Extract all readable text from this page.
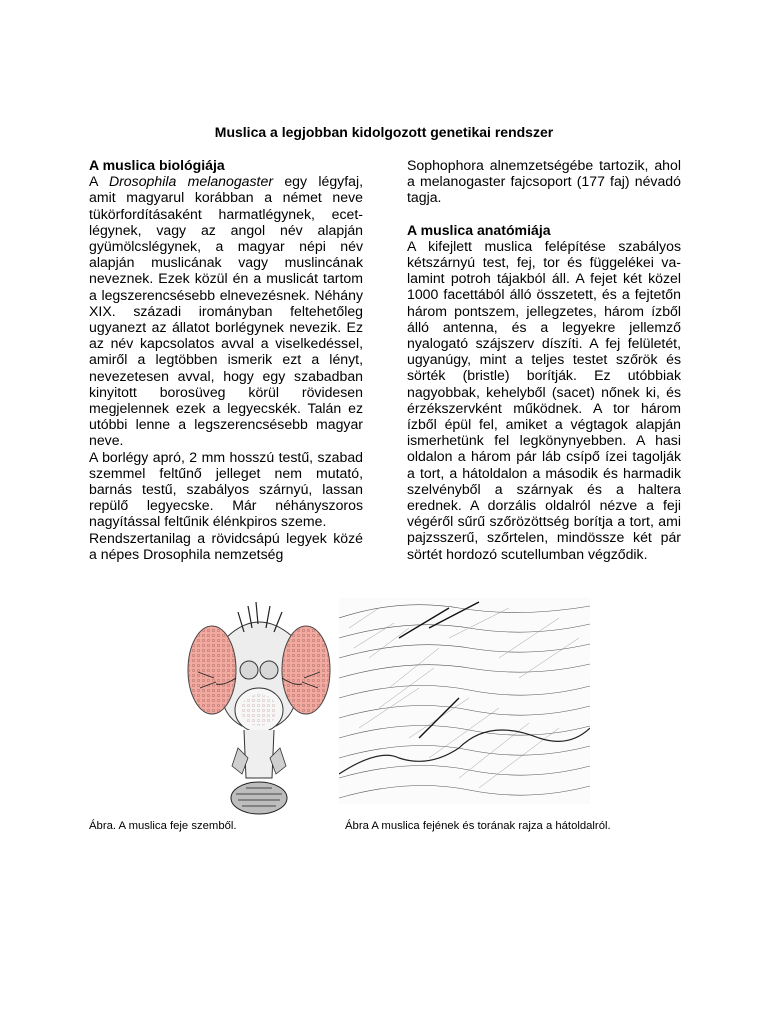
Muslica a legjobban kidolgozott genetikai rendszer
A muslica biológiája

A Drosophila melanogaster egy légyfaj, amit magyarul korábban a német neve tükörfordításaként harmatlégynek, ecetlégynek, vagy az angol név alapján gyümölcslégynek, a magyar népi név alapján muslicának vagy muslincának neveznek. Ezek közül én a muslicát tartom a legszerencsésebb elnevezésnek. Néhány XIX. századi irományban feltehetőleg ugyanezt az állatot borlégynek nevezik. Ez az név kapcsolatos avval a viselkedéssel, amiről a legtöbben ismerik ezt a lényt, nevezetesen avval, hogy egy szabadban kinyitott borosüveg körül rövidesen megjelennek ezek a legyecskék. Talán ez utóbbi lenne a legszerencsésebb magyar neve.

A borlégy apró, 2 mm hosszú testű, szabad szemmel feltűnő jelleget nem mutató, barnás testű, szabályos szárnyú, lassan repülő legyecske. Már néhányszoros nagyítással feltűnik élénkpiros szeme.

Rendszertanilag a rövidcsápú legyek közé a népes Drosophila nemzetség

Sophophora alnemzetségébe tartozik, ahol a melanogaster fajcsoport (177 faj) névadó tagja.

A muslica anatómiája

A kifejlett muslica felépítése szabályos kétszárnyú test, fej, tor és függelékei valamint potroh tájakból áll. A fejet két közel 1000 facettából álló összetett, és a fejtetőn három pontszem, jellegzetes, három ízből álló antenna, és a legyekre jellemző nyalogató szájszerv díszíti. A fej felületét, ugyanúgy, mint a teljes testet szőrök és sörték (bristle) borítják. Ez utóbbiak nagyobbak, kehelyből (sacet) nőnek ki, és érzékszervként működnek. A tor három ízből épül fel, amiket a végtagok alapján ismerhetünk fel legkönynyebben. A hasi oldalon a három pár láb csípő ízei tagolják a tort, a hátoldalon a második és harmadik szelvényből a szárnyak és a haltera erednek. A dorzális oldalról nézve a feji végéről sűrű szőrözöttség borítja a tort, ami pajzsszerű, szőrtelen, mindössze két pár sörtét hordozó scutellumban végződik.

Ábra. A muslica feje szemből.	Ábra A muslica fejének és torának rajza a hátoldalról.
